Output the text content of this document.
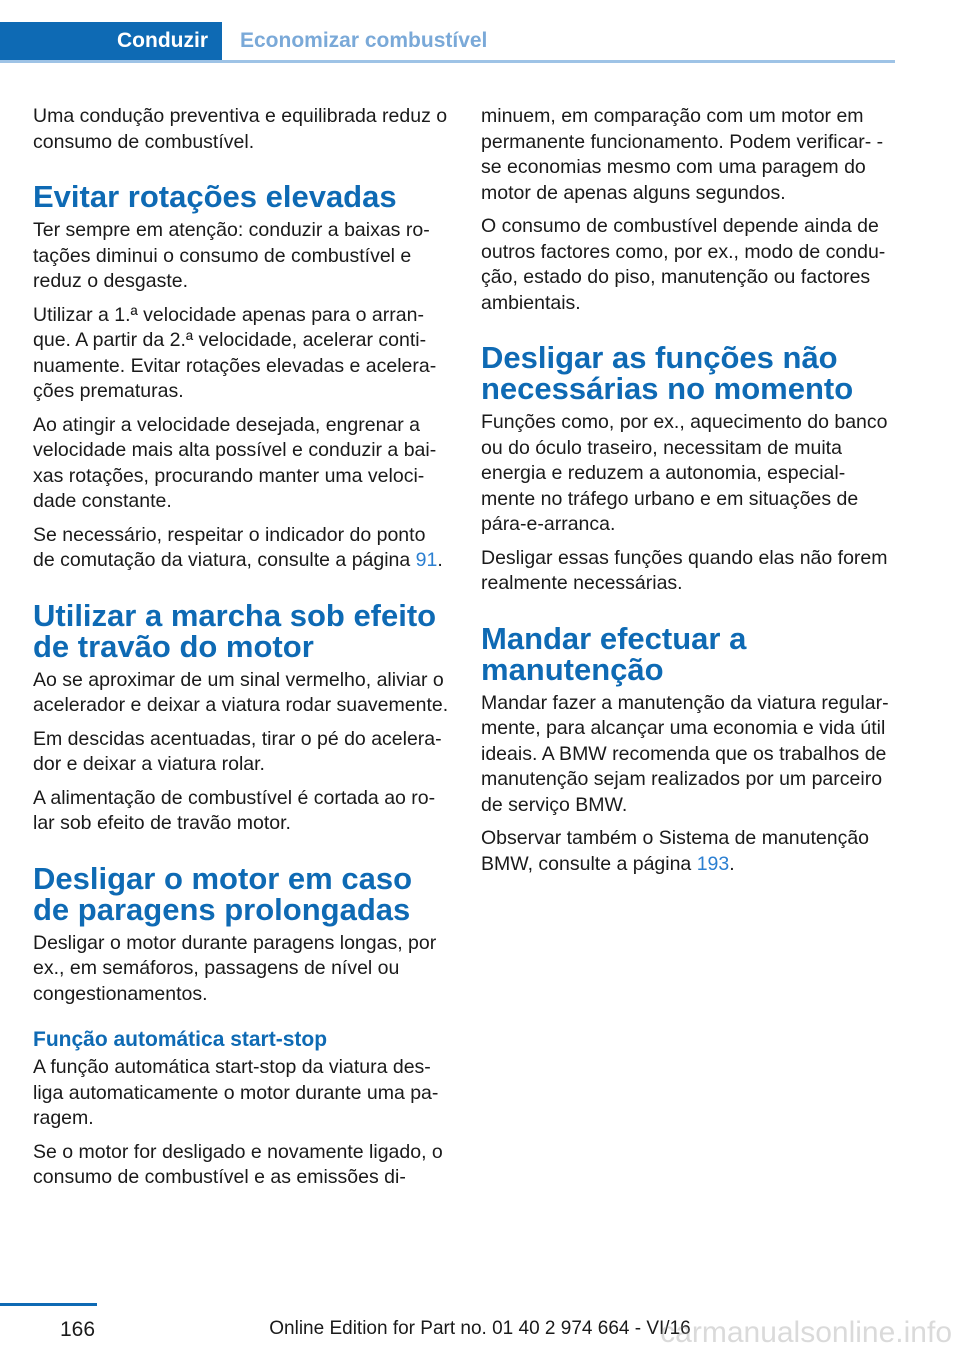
Conduzir Economizar combustível

Uma condução preventiva e equilibrada reduz o consumo de combustível.

Evitar rotações elevadas

Ter sempre em atenção: conduzir a baixas ro- tações diminui o consumo de combustível e reduz o desgaste.

Utilizar a 1.ª velocidade apenas para o arran- que. A partir da 2.ª velocidade, acelerar conti- nuamente. Evitar rotações elevadas e acelera- ções prematuras.

Ao atingir a velocidade desejada, engrenar a velocidade mais alta possível e conduzir a bai- xas rotações, procurando manter uma veloci- dade constante.

Se necessário, respeitar o indicador do ponto de comutação da viatura, consulte a página 91.

Utilizar a marcha sob efeito de travão do motor

Ao se aproximar de um sinal vermelho, aliviar o acelerador e deixar a viatura rodar suavemente.

Em descidas acentuadas, tirar o pé do acelera- dor e deixar a viatura rolar.

A alimentação de combustível é cortada ao ro- lar sob efeito de travão motor.

Desligar o motor em caso de paragens prolongadas

Desligar o motor durante paragens longas, por ex., em semáforos, passagens de nível ou congestionamentos.

Função automática start-stop

A função automática start-stop da viatura des- liga automaticamente o motor durante uma pa- ragem.

Se o motor for desligado e novamente ligado, o consumo de combustível e as emissões di-

minuem, em comparação com um motor em permanente funcionamento. Podem verificar- -se economias mesmo com uma paragem do motor de apenas alguns segundos.

O consumo de combustível depende ainda de outros factores como, por ex., modo de condu- ção, estado do piso, manutenção ou factores ambientais.

Desligar as funções não necessárias no momento

Funções como, por ex., aquecimento do banco ou do óculo traseiro, necessitam de muita energia e reduzem a autonomia, especial- mente no tráfego urbano e em situações de pára-e-arranca.

Desligar essas funções quando elas não forem realmente necessárias.

Mandar efectuar a manutenção

Mandar fazer a manutenção da viatura regular- mente, para alcançar uma economia e vida útil ideais. A BMW recomenda que os trabalhos de manutenção sejam realizados por um parceiro de serviço BMW.

Observar também o Sistema de manutenção BMW, consulte a página 193.

166	Online Edition for Part no. 01 40 2 974 664 - VI/16
carmanualsonline.info
